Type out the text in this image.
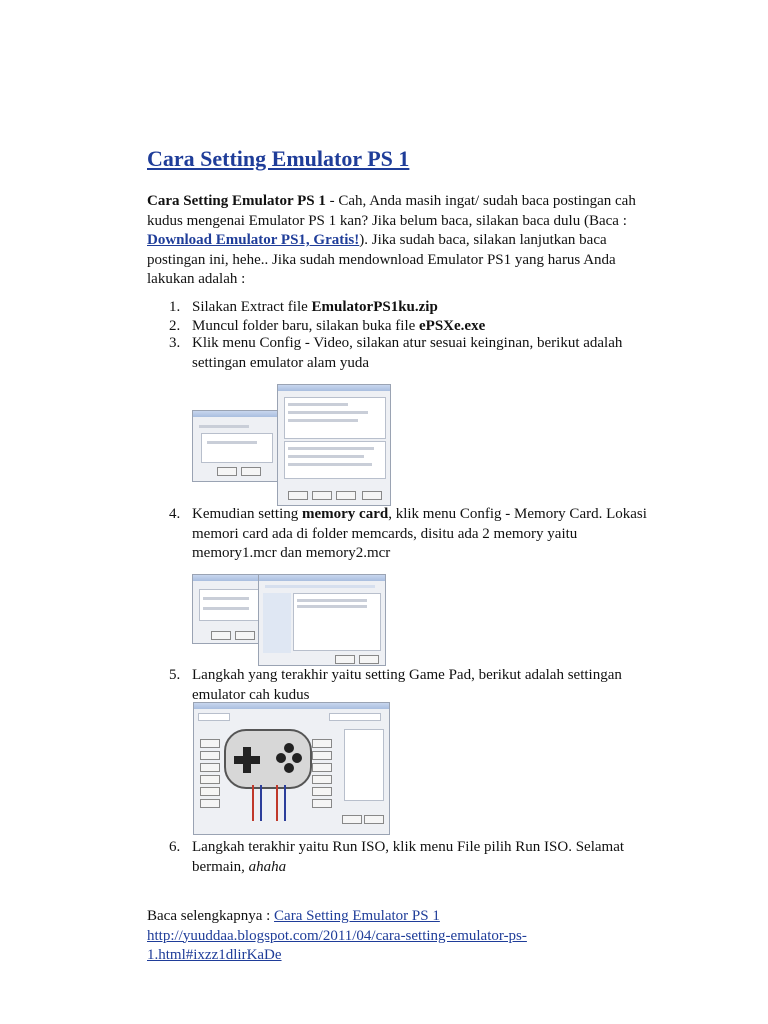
Cara Setting Emulator PS 1

Cara Setting Emulator PS 1 - Cah, Anda masih ingat/ sudah baca postingan cah kudus mengenai Emulator PS 1 kan? Jika belum baca, silakan baca dulu (Baca : Download Emulator PS1, Gratis!). Jika sudah baca, silakan lanjutkan baca postingan ini, hehe.. Jika sudah mendownload Emulator PS1 yang harus Anda lakukan adalah :

1. Silakan Extract file EmulatorPS1ku.zip
2. Muncul folder baru, silakan buka file ePSXe.exe
3. Klik menu Config - Video, silakan atur sesuai keinginan, berikut adalah settingan emulator alam yuda
4. Kemudian setting memory card, klik menu Config - Memory Card. Lokasi memori card ada di folder memcards, disitu ada 2 memory yaitu memory1.mcr dan memory2.mcr
5. Langkah yang terakhir yaitu setting Game Pad, berikut adalah settingan emulator cah kudus
6. Langkah terakhir yaitu Run ISO, klik menu File pilih Run ISO. Selamat bermain, ahaha
Baca selengkapnya : Cara Setting Emulator PS 1
http://yuuddaa.blogspot.com/2011/04/cara-setting-emulator-ps-
1.html#ixzz1dlirKaDe
